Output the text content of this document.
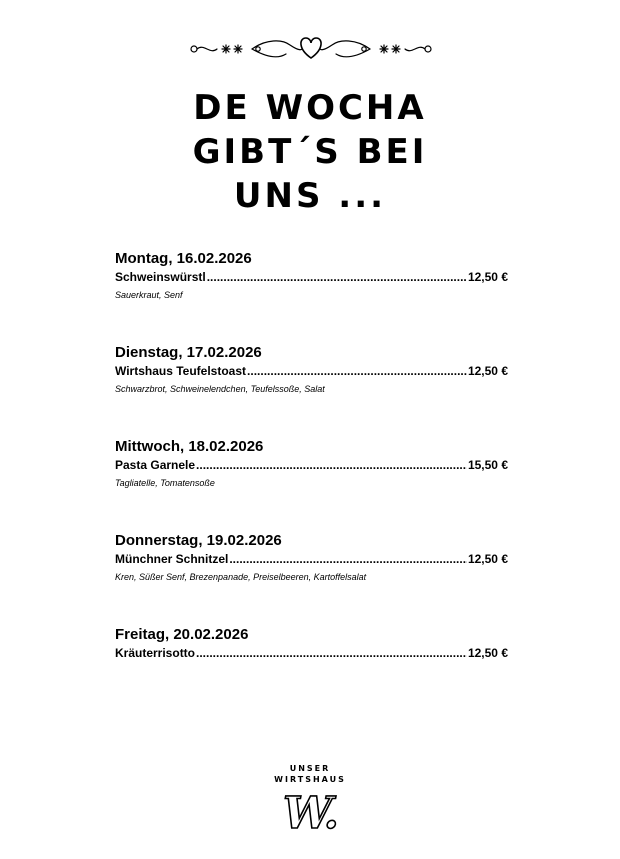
DE WOCHA
GIBT´S BEI
UNS ...
Montag, 16.02.2026
Schweinswürstl .....	12,50 €
Sauerkraut, Senf
Dienstag, 17.02.2026
Wirtshaus Teufelstoast .....	12,50 €
Schwarzbrot, Schweinelendchen, Teufelssoße, Salat
Mittwoch, 18.02.2026
Pasta Garnele .....	15,50 €
Tagliatelle, Tomatensoße
Donnerstag, 19.02.2026
Münchner Schnitzel .....	12,50 €
Kren, Süßer Senf, Brezenpanade, Preiselbeeren, Kartoffelsalat
Freitag, 20.02.2026
Kräuterrisotto .....	12,50 €
UNSER
WIRTSHAUS
W.
